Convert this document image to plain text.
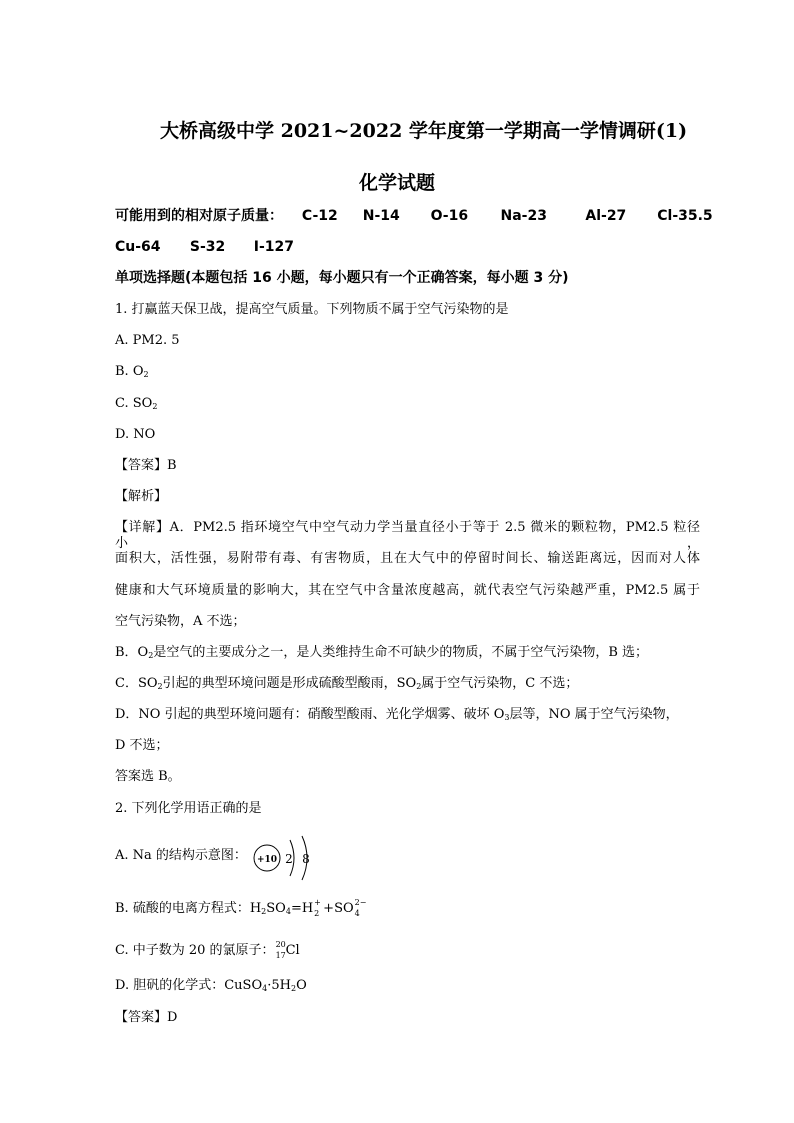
大桥高级中学 2021~2022 学年度第一学期高一学情调研(1)
化学试题
可能用到的相对原子质量： C-12 N-14 O-16 Na-23	Al-27 Cl-35.5
Cu-64 S-32 I-127
单项选择题(本题包括 16 小题，每小题只有一个正确答案，每小题 3 分)
1. 打赢蓝天保卫战，提高空气质量。下列物质不属于空气污染物的是
A. PM2. 5
B. $O_2$
C. $SO_2$
D. NO
【答案】B
【解析】
【详解】A．PM2.5 指环境空气中空气动力学当量直径小于等于 2.5 微米的颗粒物，PM2.5 粒径小，
面积大，活性强，易附带有毒、有害物质，且在大气中的停留时间长、输送距离远，因而对人体
健康和大气环境质量的影响大，其在空气中含量浓度越高，就代表空气污染越严重，PM2.5 属于
空气污染物，A 不选；
B．$O_2$是空气的主要成分之一，是人类维持生命不可缺少的物质，不属于空气污染物，B 选；
C．$SO_2$引起的典型环境问题是形成硫酸型酸雨，$SO_2$属于空气污染物，C 不选；
D．NO 引起的典型环境问题有：硝酸型酸雨、光化学烟雾、破坏 $O_3$层等，NO 属于空气污染物，
D 不选；
答案选 B。
2. 下列化学用语正确的是
A. Na 的结构示意图： +10 2 8
B. 硫酸的电离方程式：$H_2SO_4=H$ +
2 +SO 2−
4
C. 中子数为 20 的氯原子： 20
17 Cl
D. 胆矾的化学式：$CuSO_4\cdot 5H_2O$
【答案】D
